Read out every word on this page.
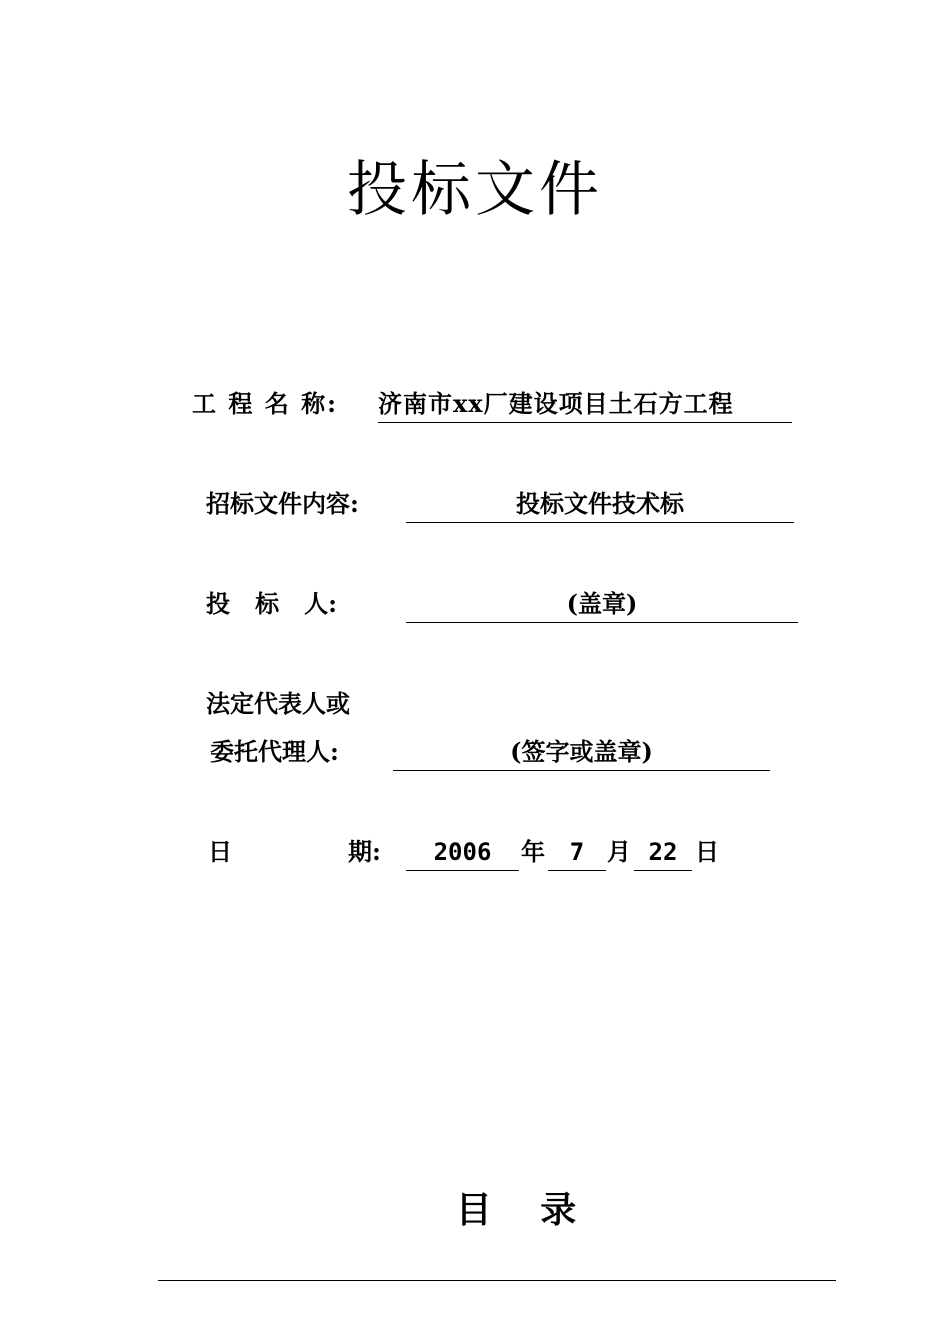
投标文件
工 程 名 称: 济南市xx厂建设项目土石方工程
招标文件内容:	投标文件技术标
投   标   人:	(盖章)
法定代表人或
委托代理人:	(签字或盖章)
日	期:	2006	年	7 月 22 日
目 录
